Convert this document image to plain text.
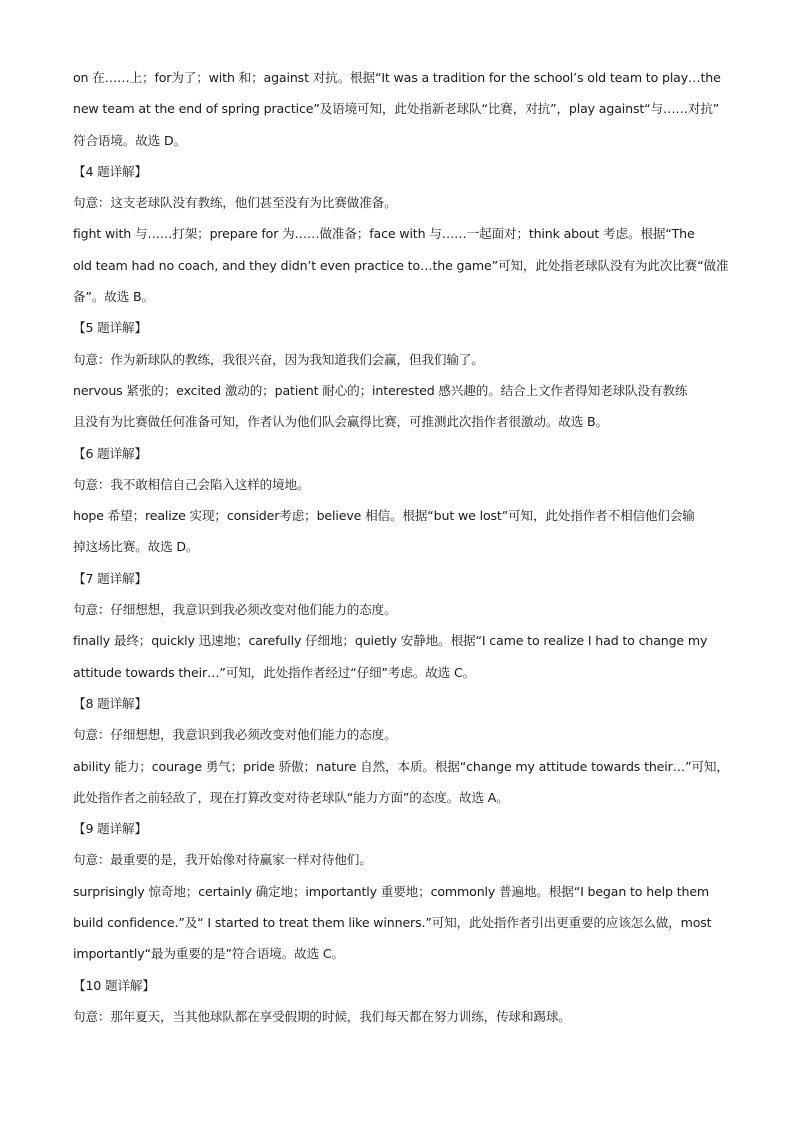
on 在……上；for为了；with 和；against 对抗。根据“It was a tradition for the school’s old team to play…the
new team at the end of spring practice”及语境可知，此处指新老球队“比赛，对抗”，play against“与……对抗”
符合语境。故选 D。
【4 题详解】
句意：这支老球队没有教练，他们甚至没有为比赛做准备。
fight with 与……打架；prepare for 为……做准备；face with 与……一起面对；think about 考虑。根据“The
old team had no coach, and they didn’t even practice to…the game”可知，此处指老球队没有为此次比赛“做准
备”。故选 B。
【5 题详解】
句意：作为新球队的教练，我很兴奋，因为我知道我们会赢，但我们输了。
nervous 紧张的；excited 激动的；patient 耐心的；interested 感兴趣的。结合上文作者得知老球队没有教练
且没有为比赛做任何准备可知，作者认为他们队会赢得比赛，可推测此次指作者很激动。故选 B。
【6 题详解】
句意：我不敢相信自己会陷入这样的境地。
hope 希望；realize 实现；consider考虑；believe 相信。根据“but we lost”可知，此处指作者不相信他们会输
掉这场比赛。故选 D。
【7 题详解】
句意：仔细想想，我意识到我必须改变对他们能力的态度。
finally 最终；quickly 迅速地；carefully 仔细地；quietly 安静地。根据“I came to realize I had to change my
attitude towards their…”可知，此处指作者经过“仔细”考虑。故选 C。
【8 题详解】
句意：仔细想想，我意识到我必须改变对他们能力的态度。
ability 能力；courage 勇气；pride 骄傲；nature 自然，本质。根据“change my attitude towards their…”可知，
此处指作者之前轻敌了，现在打算改变对待老球队“能力方面”的态度。故选 A。
【9 题详解】
句意：最重要的是，我开始像对待赢家一样对待他们。
surprisingly 惊奇地；certainly 确定地；importantly 重要地；commonly 普遍地。根据“I began to help them
build confidence.”及“ I started to treat them like winners.”可知，此处指作者引出更重要的应该怎么做，most
importantly“最为重要的是”符合语境。故选 C。
【10 题详解】
句意：那年夏天，当其他球队都在享受假期的时候，我们每天都在努力训练，传球和踢球。
